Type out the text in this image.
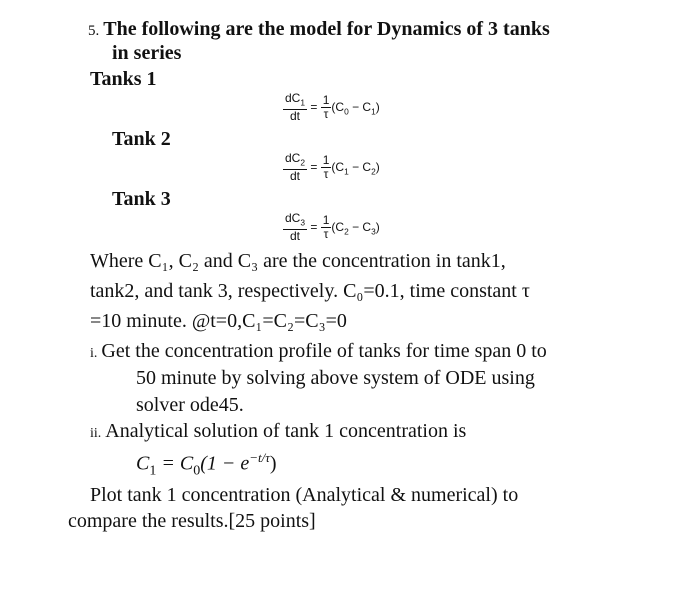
5. The following are the model for Dynamics of 3 tanks
in series
Tanks 1
$\frac{dC_1}{dt} = \frac{1}{\tau} (C_0 - C_1)$
Tank 2
$\frac{dC_2}{dt} = \frac{1}{\tau} (C_1 - C_2)$
Tank 3
$\frac{dC_3}{dt} = \frac{1}{\tau} (C_2 - C_3)$
Where C₁, C₂ and C₃ are the concentration in tank1,
tank2, and tank 3, respectively. C₀=0.1, time constant τ
=10 minute. @t=0,C₁=C₂=C₃=0
i. Get the concentration profile of tanks for time span 0 to
50 minute by solving above system of ODE using
solver ode45.
ii. Analytical solution of tank 1 concentration is
$C_1 = C_0(1 - e^{-t/\tau})$
Plot tank 1 concentration (Analytical & numerical) to
compare the results.[25 points]
